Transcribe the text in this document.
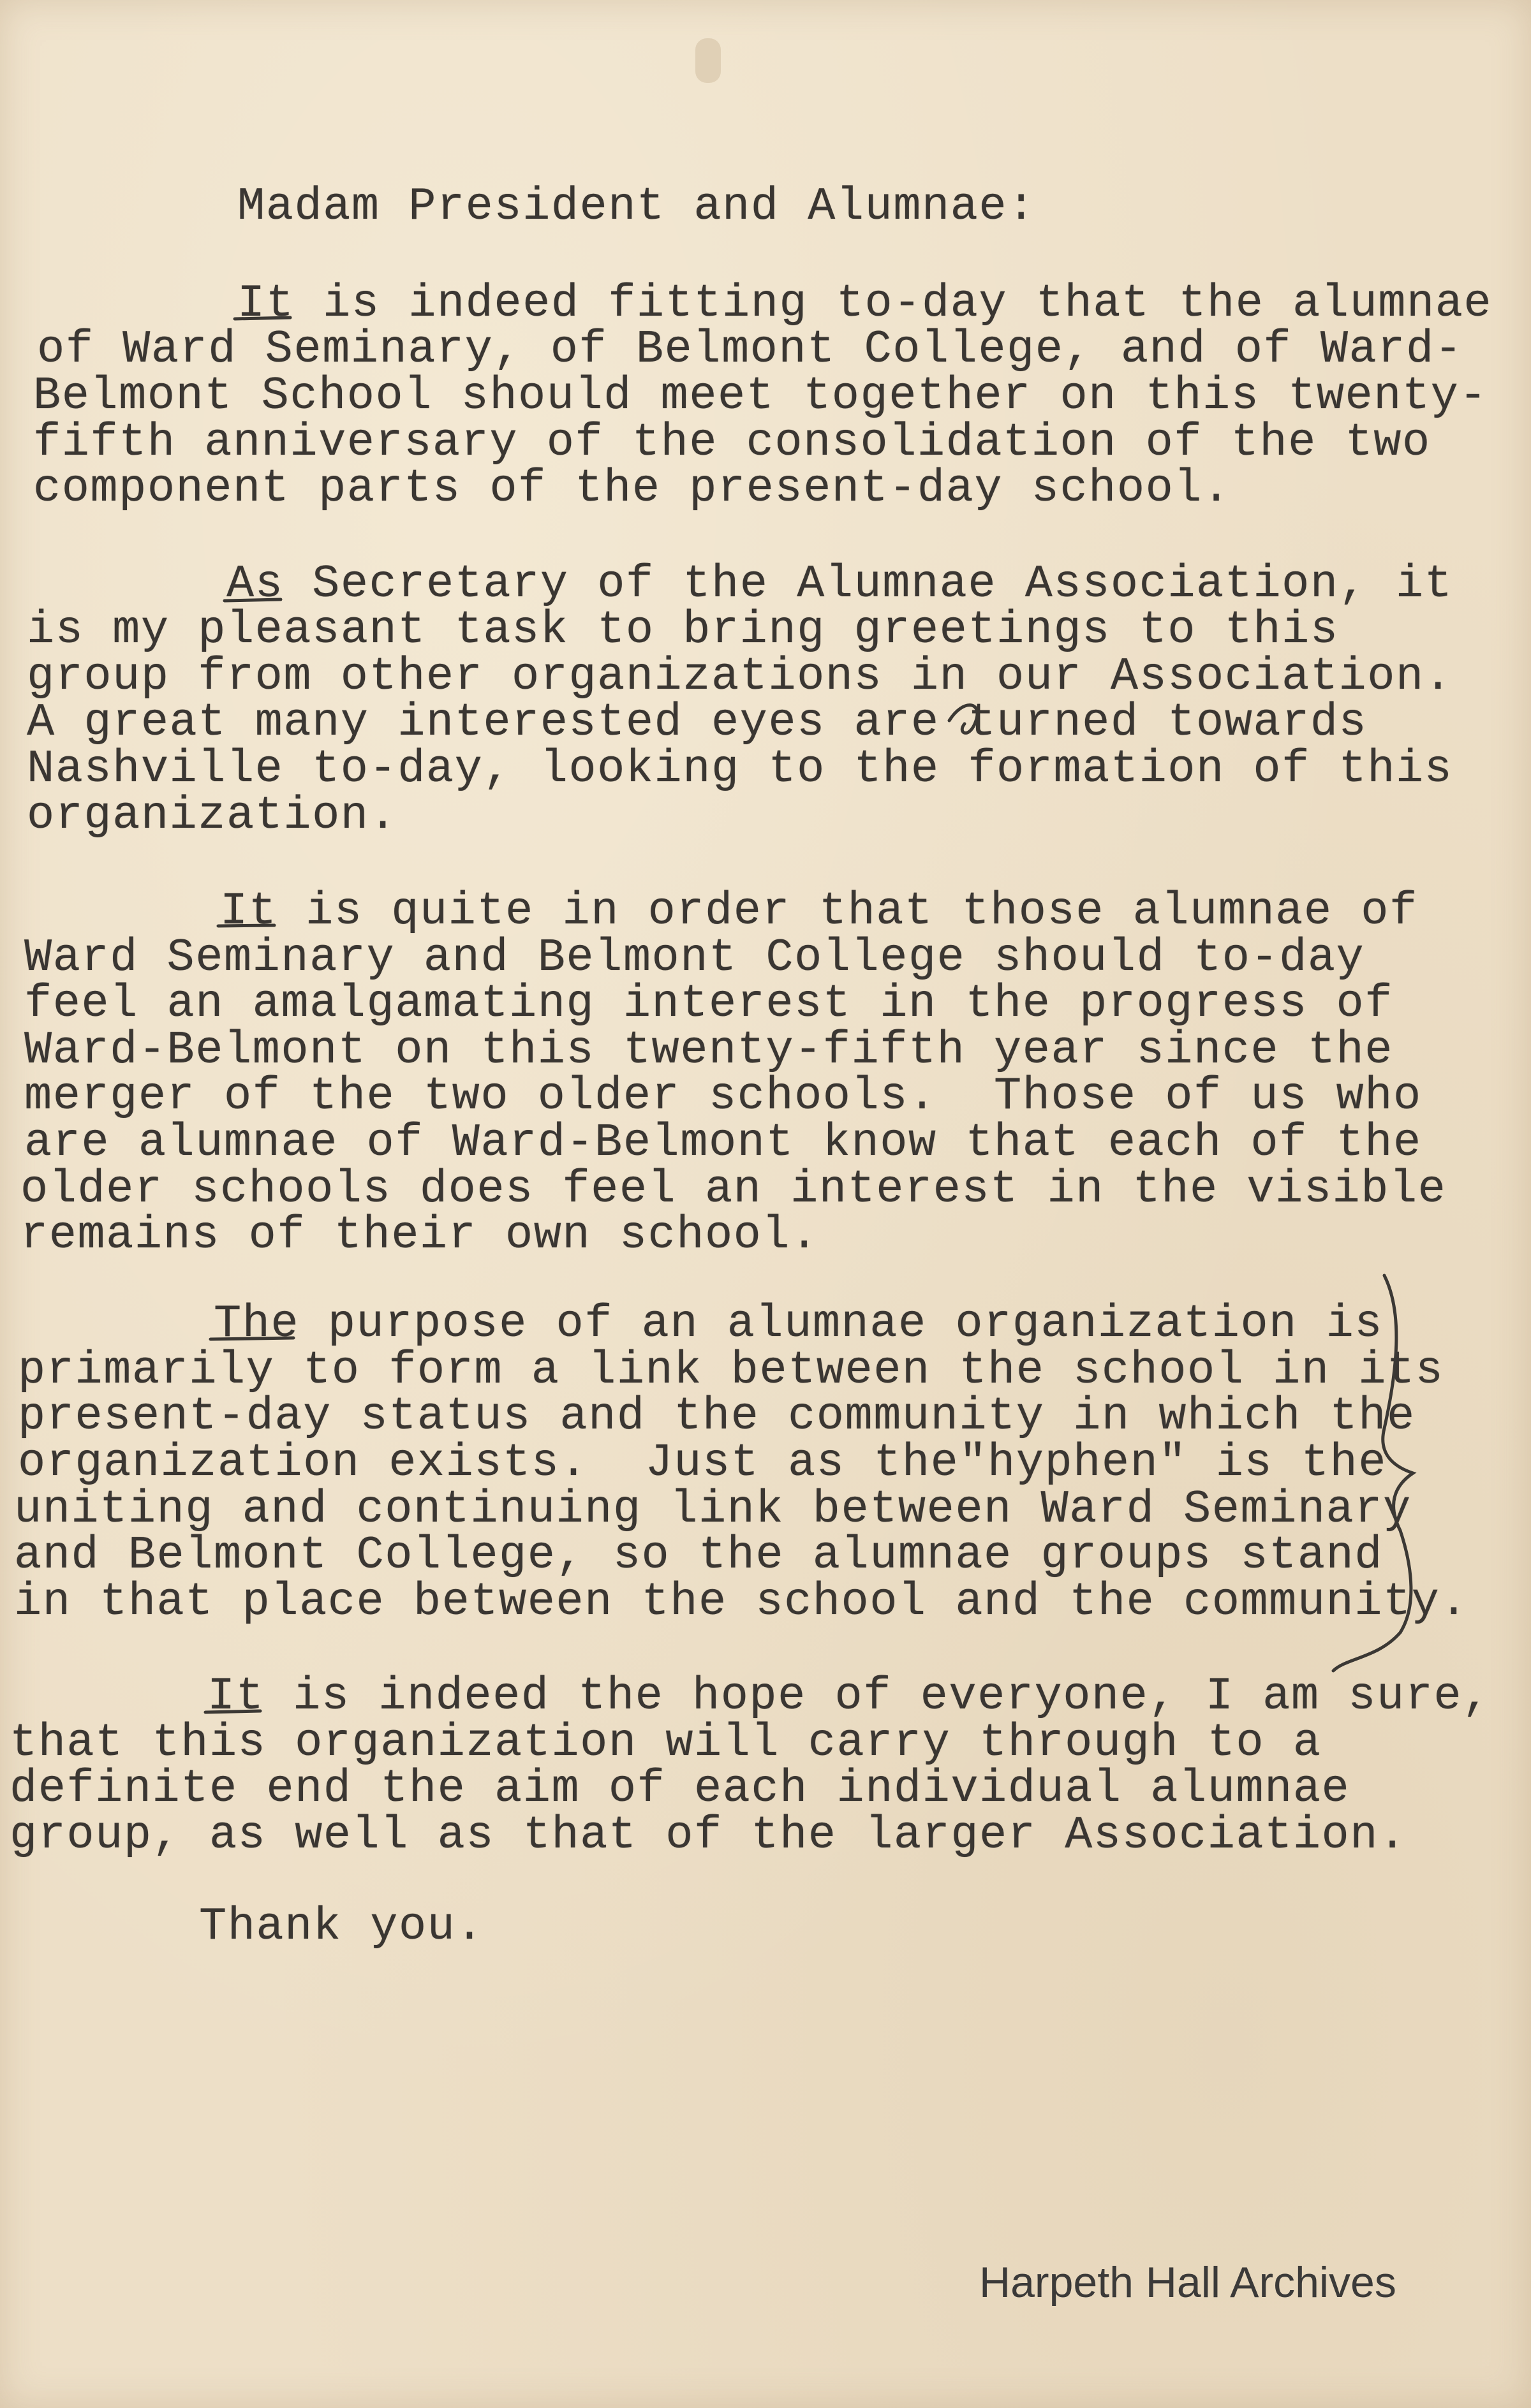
Madam President and Alumnae:
It is indeed fitting to-day that the alumnae
of Ward Seminary, of Belmont College, and of Ward-
Belmont School should meet together on this twenty-
fifth anniversary of the consolidation of the two
component parts of the present-day school.
As Secretary of the Alumnae Association, it
is my pleasant task to bring greetings to this
group from other organizations in our Association.
A great many interested eyes are turned towards
Nashville to-day, looking to the formation of this
organization.
It is quite in order that those alumnae of
Ward Seminary and Belmont College should to-day
feel an amalgamating interest in the progress of
Ward-Belmont on this twenty-fifth year since the
merger of the two older schools.  Those of us who
are alumnae of Ward-Belmont know that each of the
older schools does feel an interest in the visible
remains of their own school.
The purpose of an alumnae organization is
primarily to form a link between the school in its
present-day status and the community in which the
organization exists.  Just as the"hyphen" is the
uniting and continuing link between Ward Seminary
and Belmont College, so the alumnae groups stand
in that place between the school and the community.
It is indeed the hope of everyone, I am sure,
that this organization will carry through to a
definite end the aim of each individual alumnae
group, as well as that of the larger Association.
Thank you.

Harpeth Hall Archives
